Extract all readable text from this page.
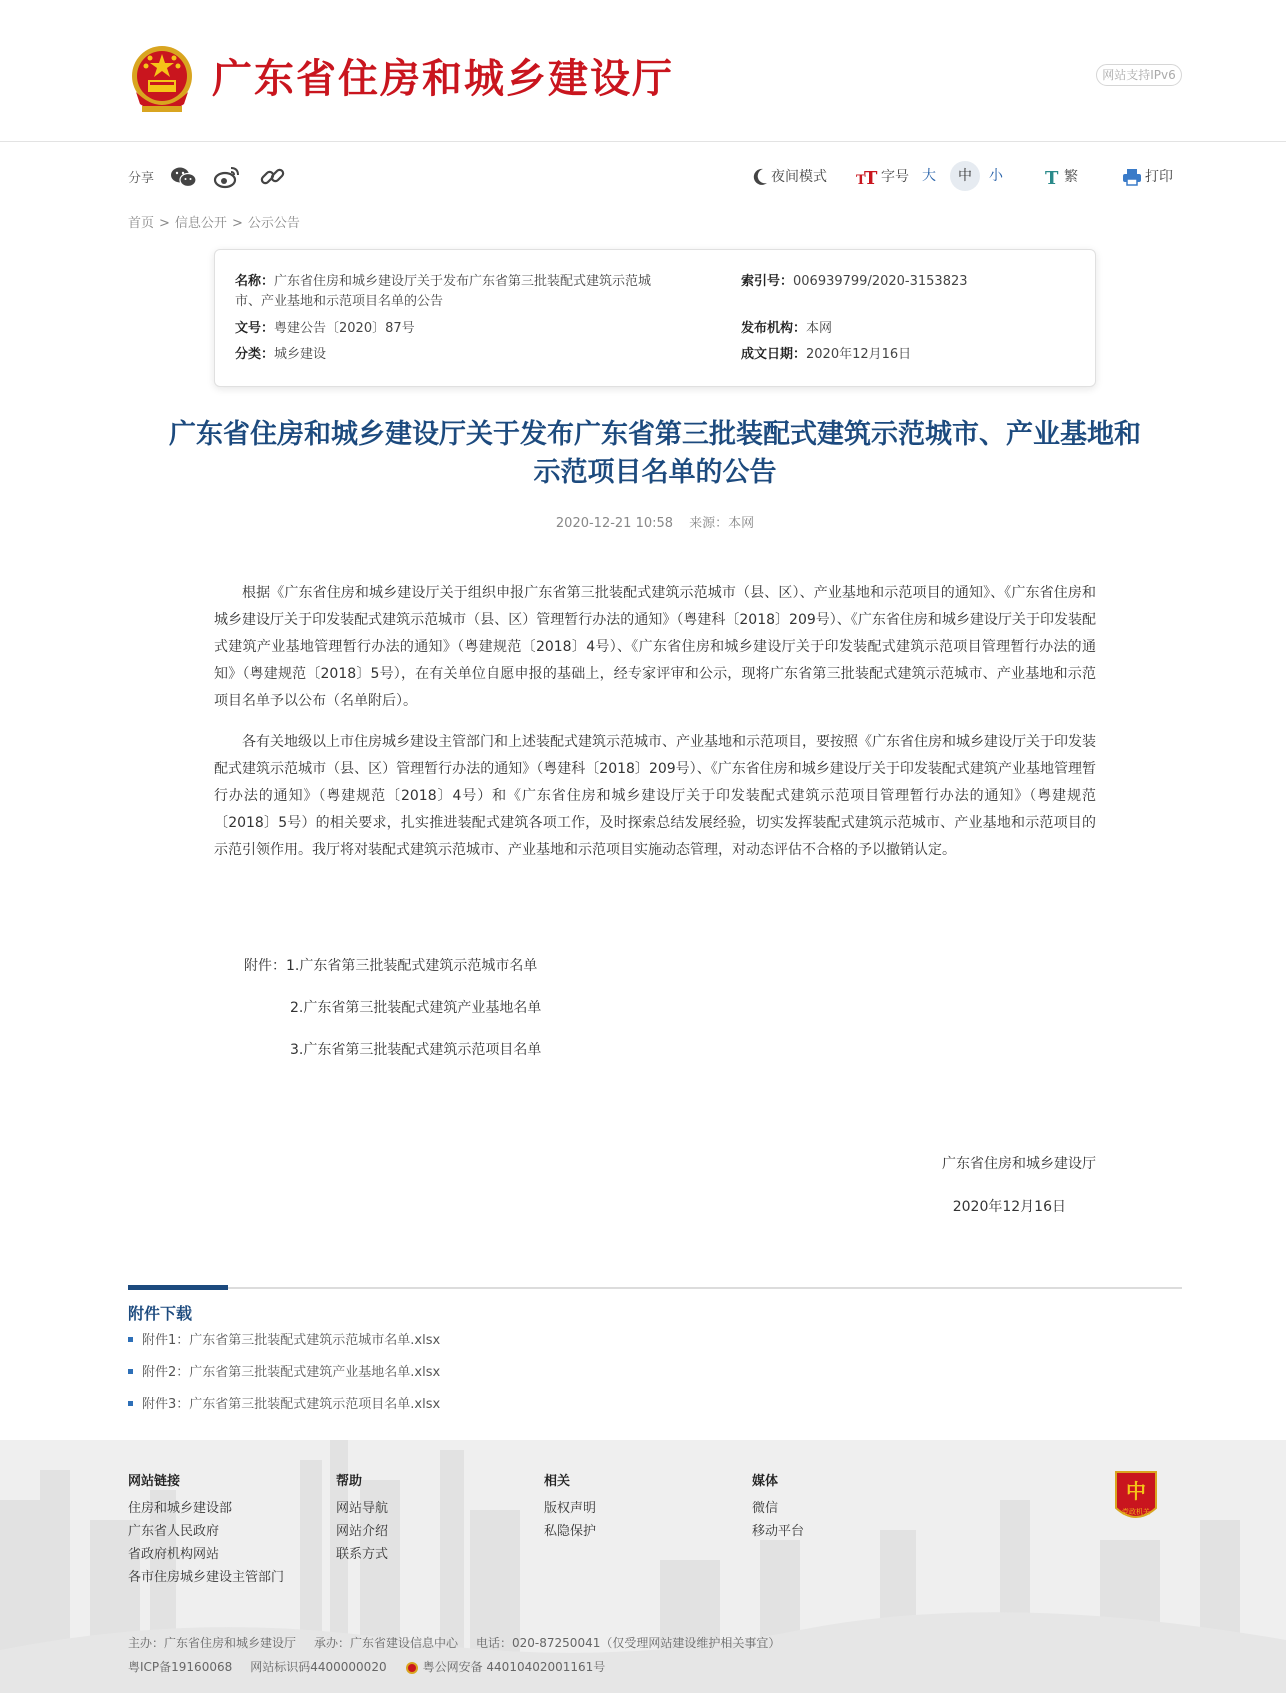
广东省住房和城乡建设厅	网站支持IPv6
分享	夜间模式 T
T 字号 大	中	小	T 繁	打印
首页 > 信息公开 > 公示公告
名称：广东省住房和城乡建设厅关于发布广东省第三批装配式建筑示范城
市、产业基地和示范项目名单的公告
索引号：006939799/2020-3153823
文号：粤建公告〔2020〕87号	发布机构：本网
分类：城乡建设	成文日期：2020年12月16日
广东省住房和城乡建设厅关于发布广东省第三批装配式建筑示范城市、产业基地和
示范项目名单的公告
2020-12-21 10:58 来源：本网

根据《广东省住房和城乡建设厅关于组织申报广东省第三批装配式建筑示范城市（县、区）、产业基地和示范项目的通知》、《广东省住房和城乡建设厅关于印发装配式建筑示范城市（县、区）管理暂行办法的通知》（粤建科〔2018〕209号）、《广东省住房和城乡建设厅关于印发装配式建筑产业基地管理暂行办法的通知》（粤建规范〔2018〕4号）、《广东省住房和城乡建设厅关于印发装配式建筑示范项目管理暂行办法的通知》（粤建规范〔2018〕5号），在有关单位自愿申报的基础上，经专家评审和公示，现将广东省第三批装配式建筑示范城市、产业基地和示范项目名单予以公布（名单附后）。

各有关地级以上市住房城乡建设主管部门和上述装配式建筑示范城市、产业基地和示范项目，要按照《广东省住房和城乡建设厅关于印发装配式建筑示范城市（县、区）管理暂行办法的通知》（粤建科〔2018〕209号）、《广东省住房和城乡建设厅关于印发装配式建筑产业基地管理暂行办法的通知》（粤建规范〔2018〕4号）和《广东省住房和城乡建设厅关于印发装配式建筑示范项目管理暂行办法的通知》（粤建规范〔2018〕5号）的相关要求，扎实推进装配式建筑各项工作，及时探索总结发展经验，切实发挥装配式建筑示范城市、产业基地和示范项目的示范引领作用。我厅将对装配式建筑示范城市、产业基地和示范项目实施动态管理，对动态评估不合格的予以撤销认定。

附件：1.广东省第三批装配式建筑示范城市名单
2.广东省第三批装配式建筑产业基地名单
3.广东省第三批装配式建筑示范项目名单
广东省住房和城乡建设厅
2020年12月16日
附件下载
附件1：广东省第三批装配式建筑示范城市名单.xlsx
附件2：广东省第三批装配式建筑产业基地名单.xlsx
附件3：广东省第三批装配式建筑示范项目名单.xlsx
网站链接
住房和城乡建设部
广东省人民政府
省政府机构网站
各市住房城乡建设主管部门
帮助
网站导航
网站介绍
联系方式
相关
版权声明
私隐保护
媒体
微信
移动平台
中
党政机关
主办：广东省住房和城乡建设厅 承办：广东省建设信息中心 电话：020-87250041（仅受理网站建设维护相关事宜）
粤ICP备19160068 网站标识码4400000020	粤公网安备 44010402001161号
